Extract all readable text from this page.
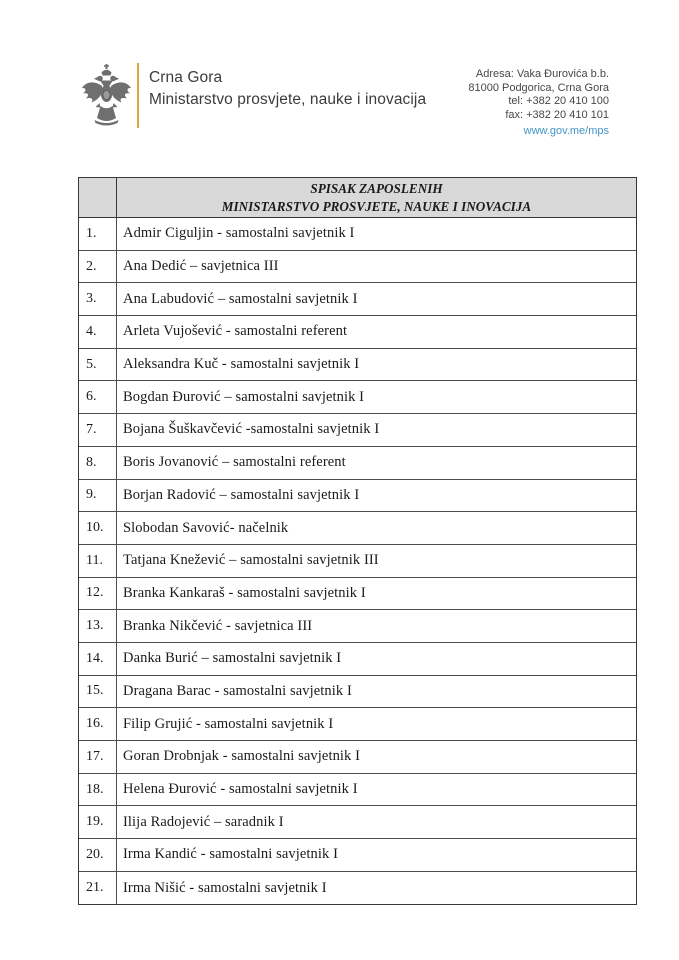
Crna Gora
Ministarstvo prosvjete, nauke i inovacija
Adresa: Vaka Đurovića b.b.
81000 Podgorica, Crna Gora
tel: +382 20 410 100
fax: +382 20 410 101
www.gov.me/mps
SPISAK ZAPOSLENIH
MINISTARSTVO PROSVJETE, NAUKE I INOVACIJA
1.	Admir Ciguljin - samostalni savjetnik I
2.	Ana Dedić – savjetnica III
3.	Ana Labudović – samostalni savjetnik I
4.	Arleta Vujošević - samostalni referent
5.	Aleksandra Kuč - samostalni savjetnik I
6.	Bogdan Đurović – samostalni savjetnik I
7.	Bojana Šuškavčević -samostalni savjetnik I
8.	Boris Jovanović – samostalni referent
9.	Borjan Radović – samostalni savjetnik I
10.	Slobodan Savović- načelnik
11.	Tatjana Knežević – samostalni savjetnik III
12.	Branka Kankaraš - samostalni savjetnik I
13.	Branka Nikčević - savjetnica III
14.	Danka Burić – samostalni savjetnik I
15.	Dragana Barac - samostalni savjetnik I
16.	Filip Grujić - samostalni savjetnik I
17.	Goran Drobnjak - samostalni savjetnik I
18.	Helena Đurović - samostalni savjetnik I
19.	Ilija Radojević – saradnik I
20.	Irma Kandić - samostalni savjetnik I
21.	Irma Nišić - samostalni savjetnik I
